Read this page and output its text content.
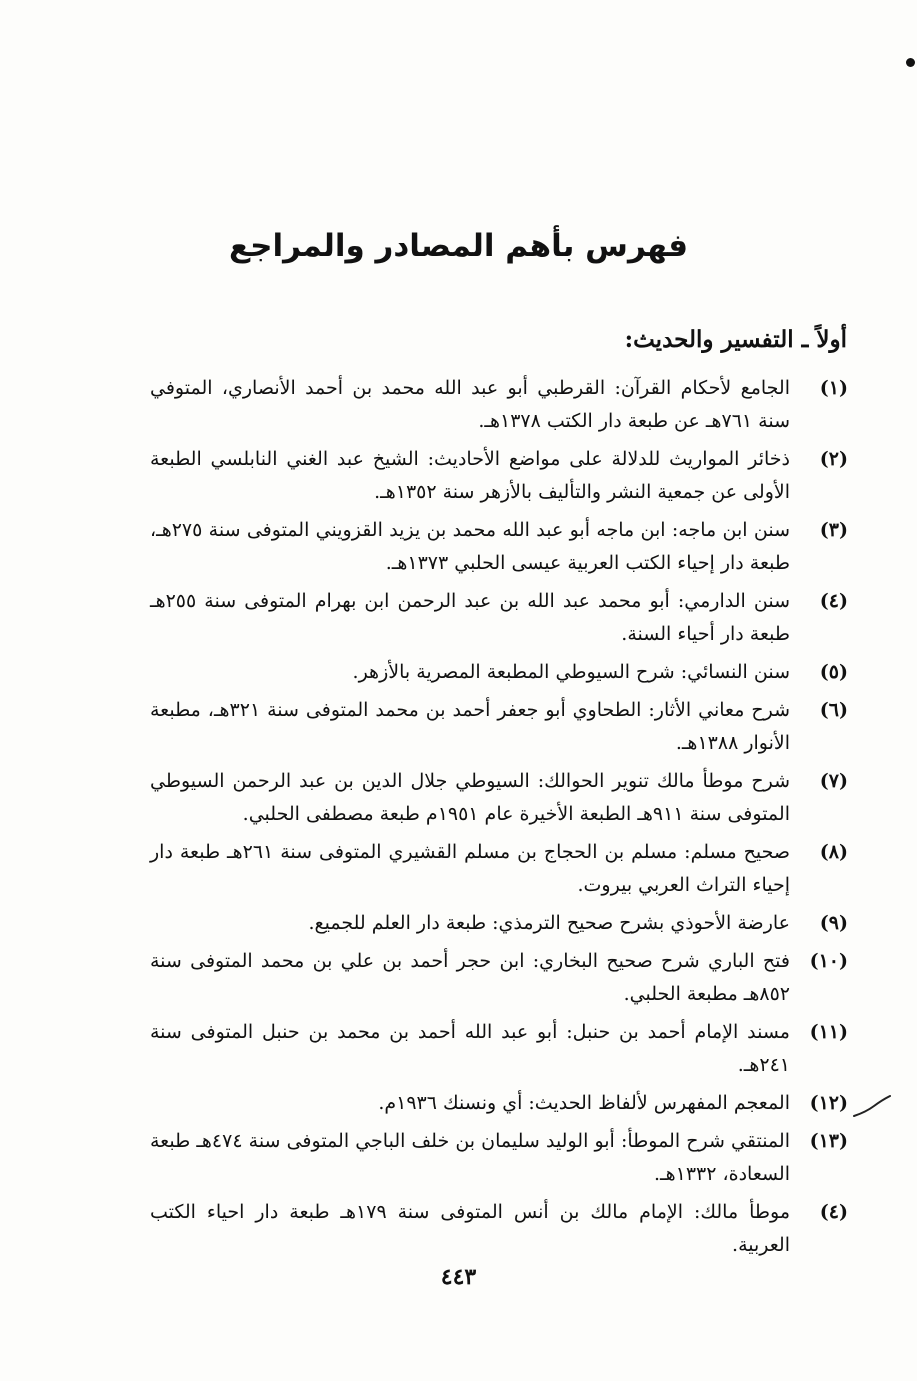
فهرس بأهم المصادر والمراجع
أولاً ـ التفسير والحديث:
(١)
الجامع لأحكام القرآن: القرطبي أبو عبد الله محمد بن أحمد الأنصاري، المتوفي سنة ٧٦١هـ عن طبعة دار الكتب ١٣٧٨هـ.
(٢)
ذخائر المواريث للدلالة على مواضع الأحاديث: الشيخ عبد الغني النابلسي الطبعة الأولى عن جمعية النشر والتأليف بالأزهر سنة ١٣٥٢هـ.
(٣)
سنن ابن ماجه: ابن ماجه أبو عبد الله محمد بن يزيد القزويني المتوفى سنة ٢٧٥هـ، طبعة دار إحياء الكتب العربية عيسى الحلبي ١٣٧٣هـ.
(٤)
سنن الدارمي: أبو محمد عبد الله بن عبد الرحمن ابن بهرام المتوفى سنة ٢٥٥هـ طبعة دار أحياء السنة.
(٥)
سنن النسائي: شرح السيوطي المطبعة المصرية بالأزهر.
(٦)
شرح معاني الأثار: الطحاوي أبو جعفر أحمد بن محمد المتوفى سنة ٣٢١هـ، مطبعة الأنوار ١٣٨٨هـ.
(٧)
شرح موطأ مالك تنوير الحوالك: السيوطي جلال الدين بن عبد الرحمن السيوطي المتوفى سنة ٩١١هـ الطبعة الأخيرة عام ١٩٥١م طبعة مصطفى الحلبي.
(٨)
صحيح مسلم: مسلم بن الحجاج بن مسلم القشيري المتوفى سنة ٢٦١هـ طبعة دار إحياء التراث العربي بيروت.
(٩)
عارضة الأحوذي بشرح صحيح الترمذي: طبعة دار العلم للجميع.
(١٠)
فتح الباري شرح صحيح البخاري: ابن حجر أحمد بن علي بن محمد المتوفى سنة ٨٥٢هـ مطبعة الحلبي.
(١١)
مسند الإمام أحمد بن حنبل: أبو عبد الله أحمد بن محمد بن حنبل المتوفى سنة ٢٤١هـ.
(١٢)
المعجم المفهرس لألفاظ الحديث: أي ونسنك ١٩٣٦م.
(١٣)
المنتقي شرح الموطأ: أبو الوليد سليمان بن خلف الباجي المتوفى سنة ٤٧٤هـ طبعة السعادة، ١٣٣٢هـ.
(٤)
موطأ مالك: الإمام مالك بن أنس المتوفى سنة ١٧٩هـ طبعة دار احياء الكتب العربية.
٤٤٣
